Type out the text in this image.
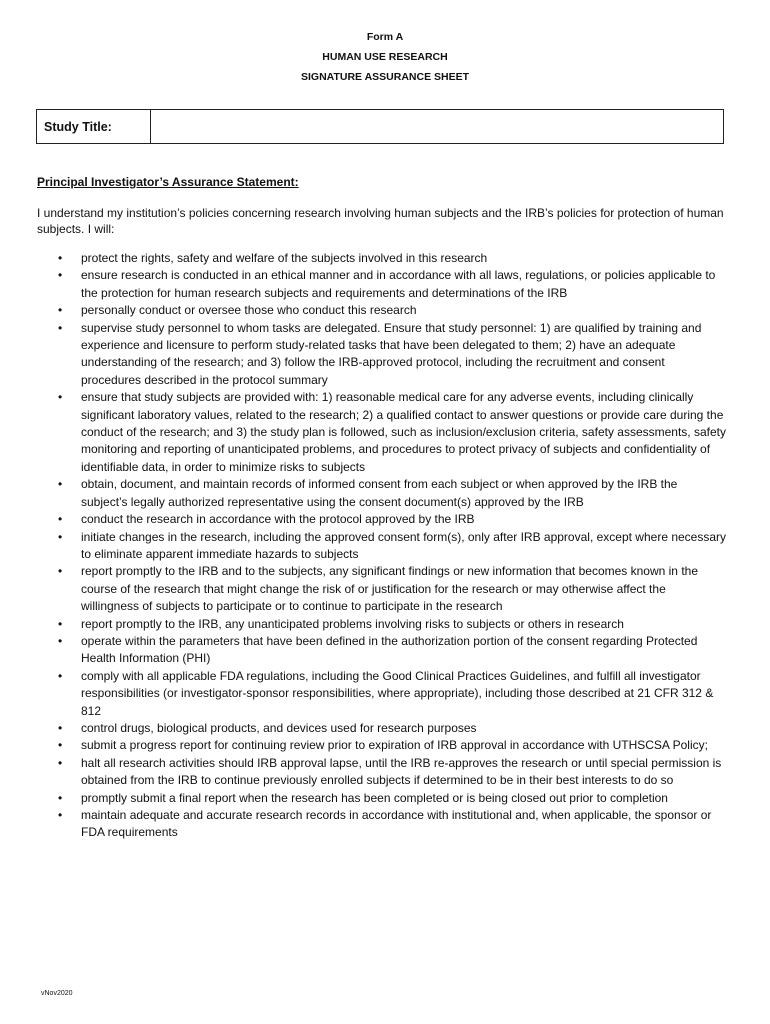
Form A
HUMAN USE RESEARCH
SIGNATURE ASSURANCE SHEET
Study Title:
Principal Investigator’s Assurance Statement:
I understand my institution’s policies concerning research involving human subjects and the IRB’s policies for protection of human subjects. I will:
• protect the rights, safety and welfare of the subjects involved in this research
• ensure research is conducted in an ethical manner and in accordance with all laws, regulations, or policies applicable to the protection for human research subjects and requirements and determinations of the IRB
• personally conduct or oversee those who conduct this research
• supervise study personnel to whom tasks are delegated. Ensure that study personnel: 1) are qualified by training and experience and licensure to perform study-related tasks that have been delegated to them; 2) have an adequate understanding of the research; and 3) follow the IRB-approved protocol, including the recruitment and consent procedures described in the protocol summary
• ensure that study subjects are provided with: 1) reasonable medical care for any adverse events, including clinically significant laboratory values, related to the research; 2) a qualified contact to answer questions or provide care during the conduct of the research; and 3) the study plan is followed, such as inclusion/exclusion criteria, safety assessments, safety monitoring and reporting of unanticipated problems, and procedures to protect privacy of subjects and confidentiality of identifiable data, in order to minimize risks to subjects
• obtain, document, and maintain records of informed consent from each subject or when approved by the IRB the subject’s legally authorized representative using the consent document(s) approved by the IRB
• conduct the research in accordance with the protocol approved by the IRB
• initiate changes in the research, including the approved consent form(s), only after IRB approval, except where necessary to eliminate apparent immediate hazards to subjects
• report promptly to the IRB and to the subjects, any significant findings or new information that becomes known in the course of the research that might change the risk of or justification for the research or may otherwise affect the willingness of subjects to participate or to continue to participate in the research
• report promptly to the IRB, any unanticipated problems involving risks to subjects or others in research
• operate within the parameters that have been defined in the authorization portion of the consent regarding Protected Health Information (PHI)
• comply with all applicable FDA regulations, including the Good Clinical Practices Guidelines, and fulfill all investigator responsibilities (or investigator-sponsor responsibilities, where appropriate), including those described at 21 CFR 312 & 812
• control drugs, biological products, and devices used for research purposes
• submit a progress report for continuing review prior to expiration of IRB approval in accordance with UTHSCSA Policy;
• halt all research activities should IRB approval lapse, until the IRB re-approves the research or until special permission is obtained from the IRB to continue previously enrolled subjects if determined to be in their best interests to do so
• promptly submit a final report when the research has been completed or is being closed out prior to completion
• maintain adequate and accurate research records in accordance with institutional and, when applicable, the sponsor or FDA requirements
vNov2020
